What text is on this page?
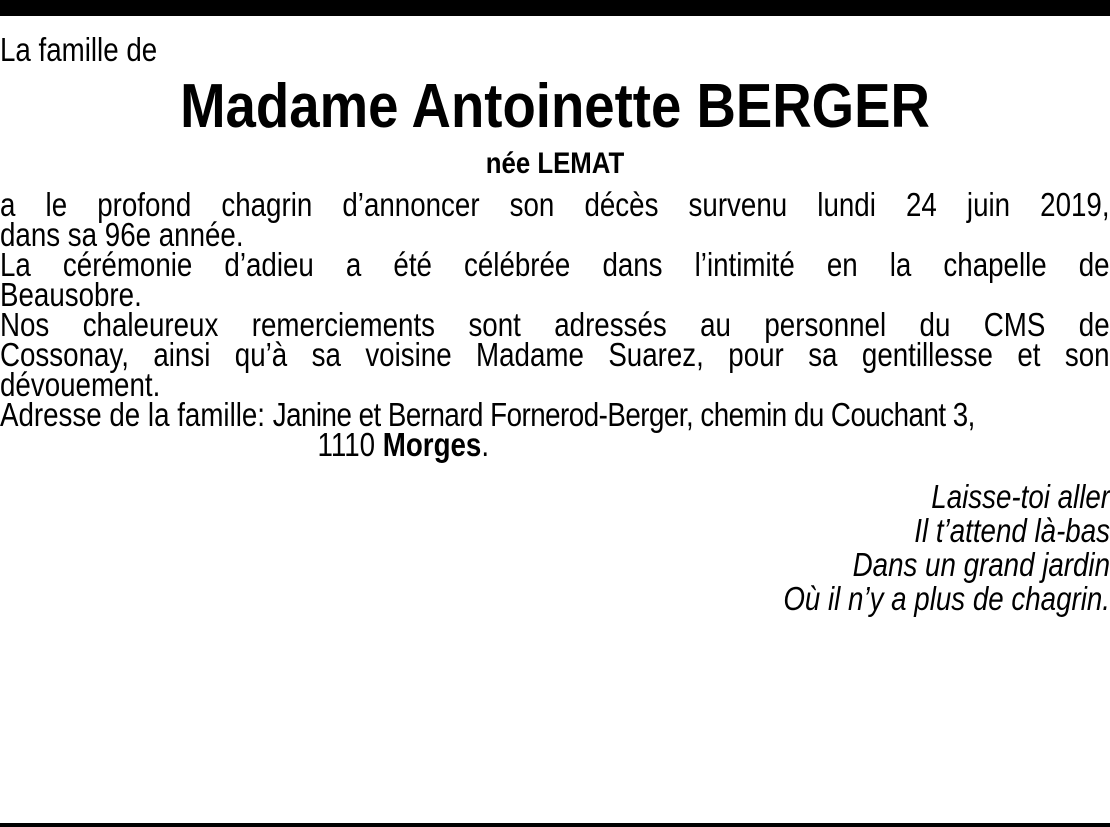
La famille de
Madame Antoinette BERGER
née LEMAT
a le profond chagrin d’annoncer son décès survenu lundi 24 juin 2019,
dans sa 96e année.
La cérémonie d’adieu a été célébrée dans l’intimité en la chapelle de
Beausobre.
Nos chaleureux remerciements sont adressés au personnel du CMS de
Cossonay, ainsi qu’à sa voisine Madame Suarez, pour sa gentillesse et son
dévouement.
Adresse de la famille: Janine et Bernard Fornerod-Berger, chemin du Couchant 3,
1110 Morges.
Laisse-toi aller
Il t’attend là-bas
Dans un grand jardin
Où il n’y a plus de chagrin.
